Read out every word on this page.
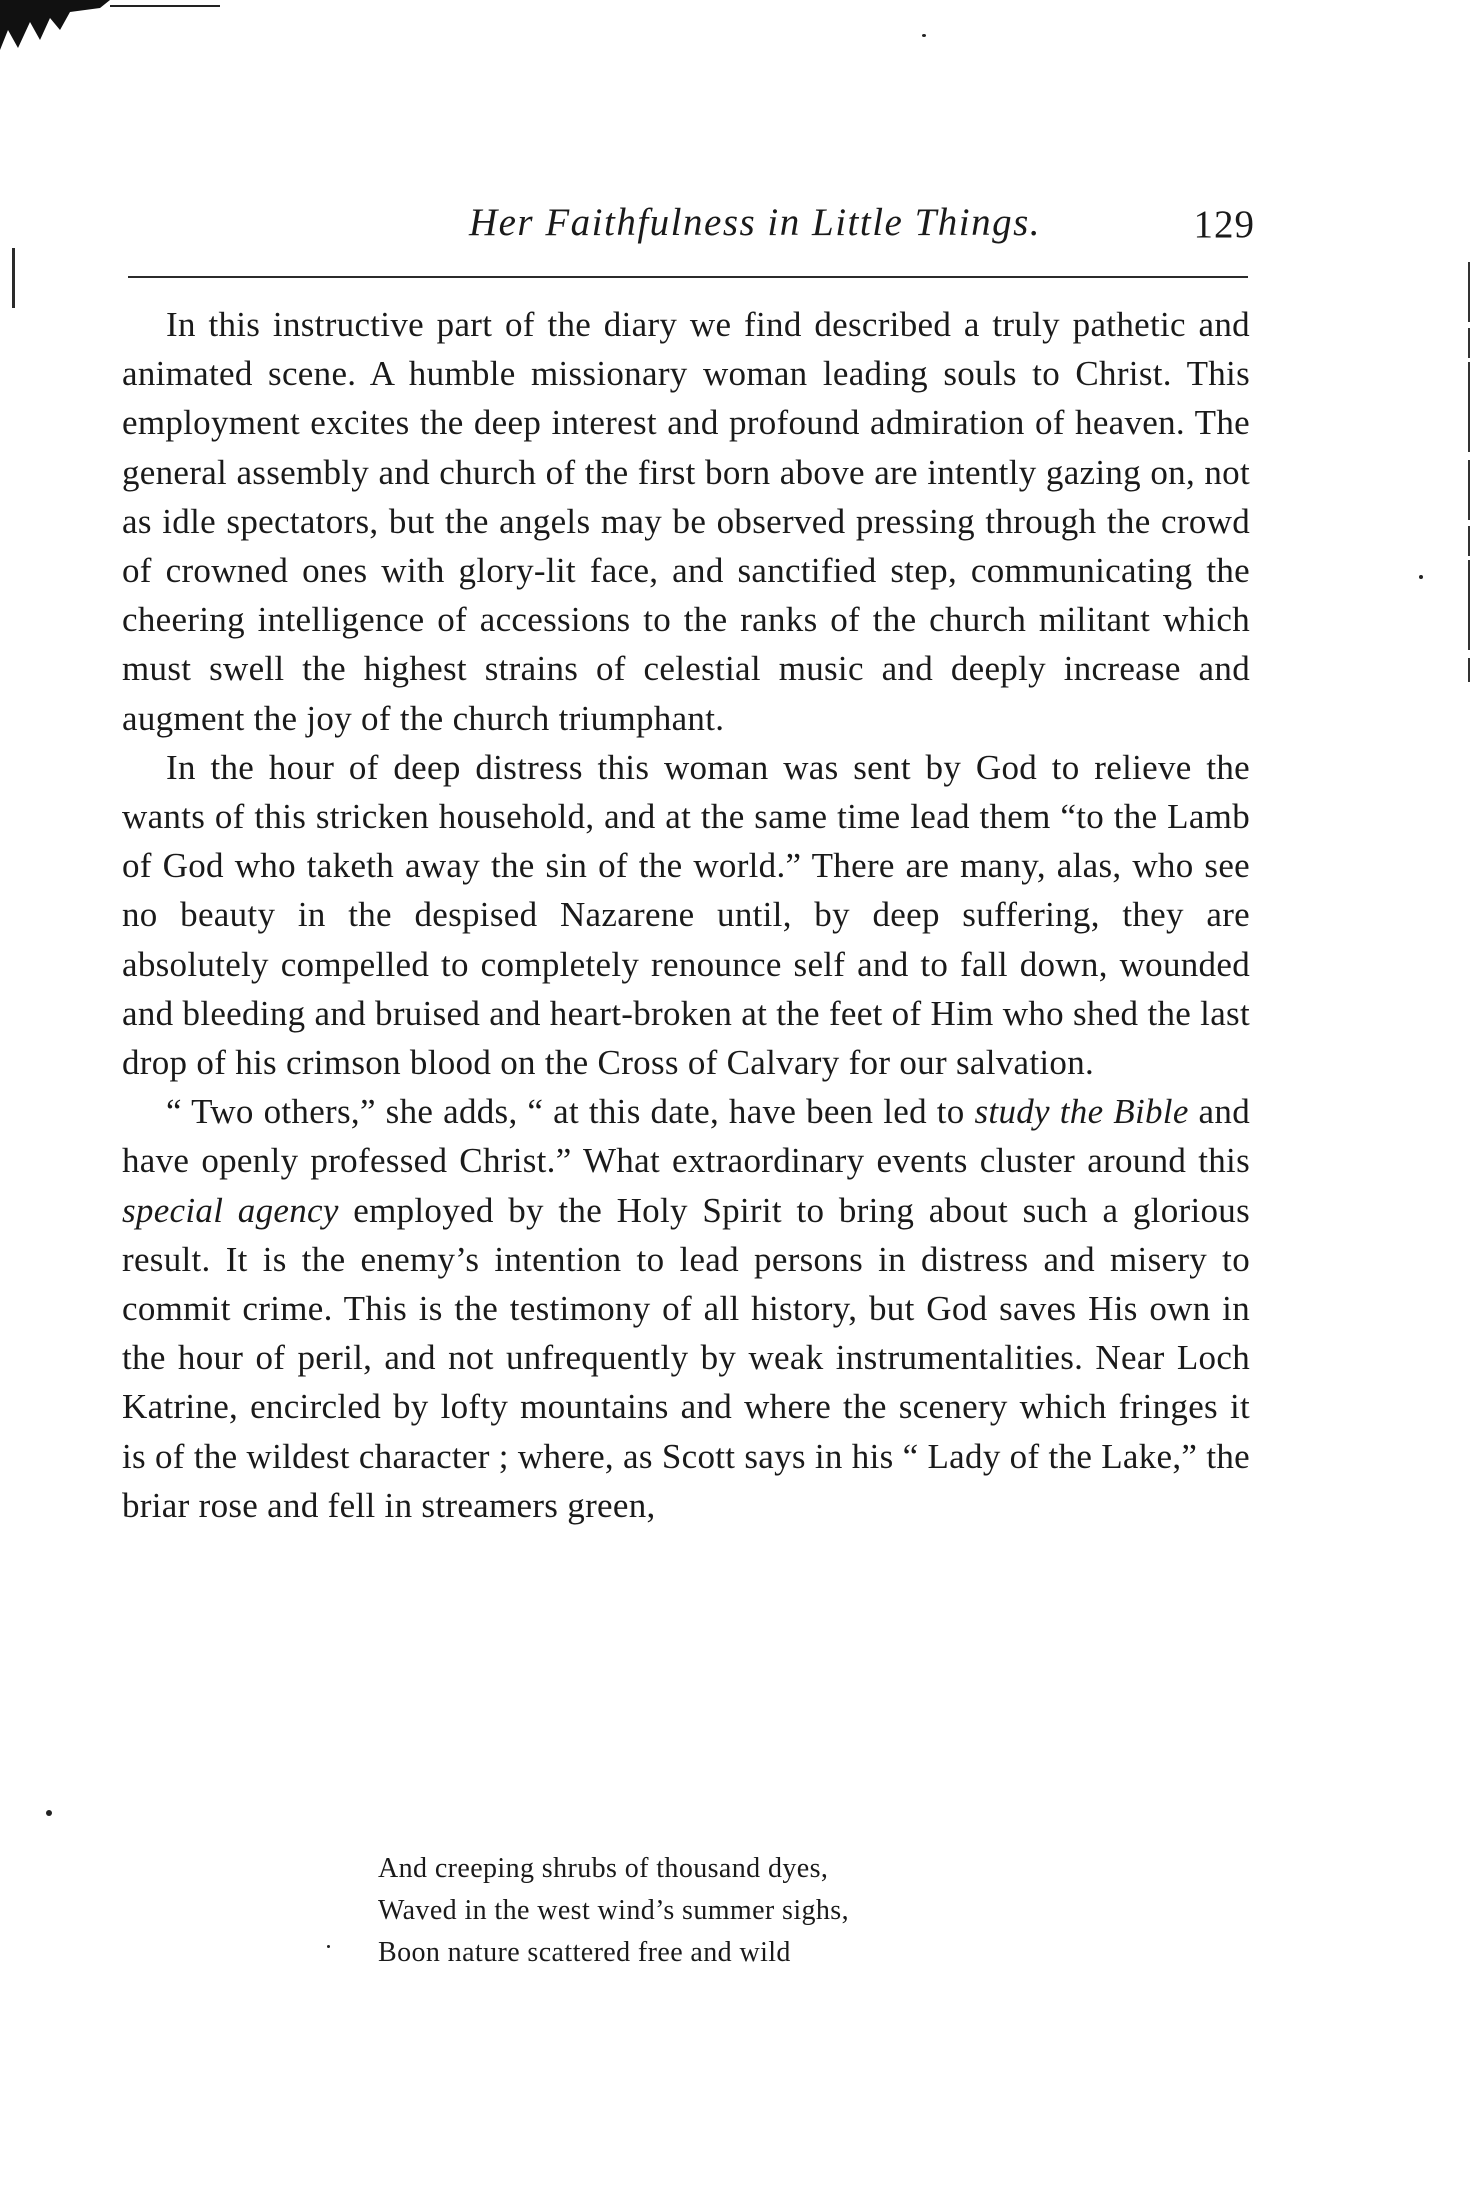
Her Faithfulness in Little Things.	129

In this instructive part of the diary we find described a truly pathetic and animated scene. A humble missionary woman leading souls to Christ. This employment excites the deep interest and profound admiration of heaven. The general assembly and church of the first born above are intently gazing on, not as idle spectators, but the angels may be observed pressing through the crowd of crowned ones with glory-lit face, and sanctified step, communicating the cheering intelligence of accessions to the ranks of the church militant which must swell the highest strains of celestial music and deeply increase and augment the joy of the church triumphant.

In the hour of deep distress this woman was sent by God to relieve the wants of this stricken household, and at the same time lead them “to the Lamb of God who taketh away the sin of the world.” There are many, alas, who see no beauty in the despised Nazarene until, by deep suffering, they are absolutely compelled to completely renounce self and to fall down, wounded and bleeding and bruised and heart-broken at the feet of Him who shed the last drop of his crimson blood on the Cross of Calvary for our salvation.

“ Two others,” she adds, “ at this date, have been led to study the Bible and have openly professed Christ.” What extraordinary events cluster around this special agency employed by the Holy Spirit to bring about such a glorious result. It is the enemy’s intention to lead persons in distress and misery to commit crime. This is the testimony of all history, but God saves His own in the hour of peril, and not unfrequently by weak instrumentalities. Near Loch Katrine, encircled by lofty mountains and where the scenery which fringes it is of the wildest character ; where, as Scott says in his “ Lady of the Lake,” the briar rose and fell in streamers green,

And creeping shrubs of thousand dyes,
Waved in the west wind’s summer sighs,
Boon nature scattered free and wild
